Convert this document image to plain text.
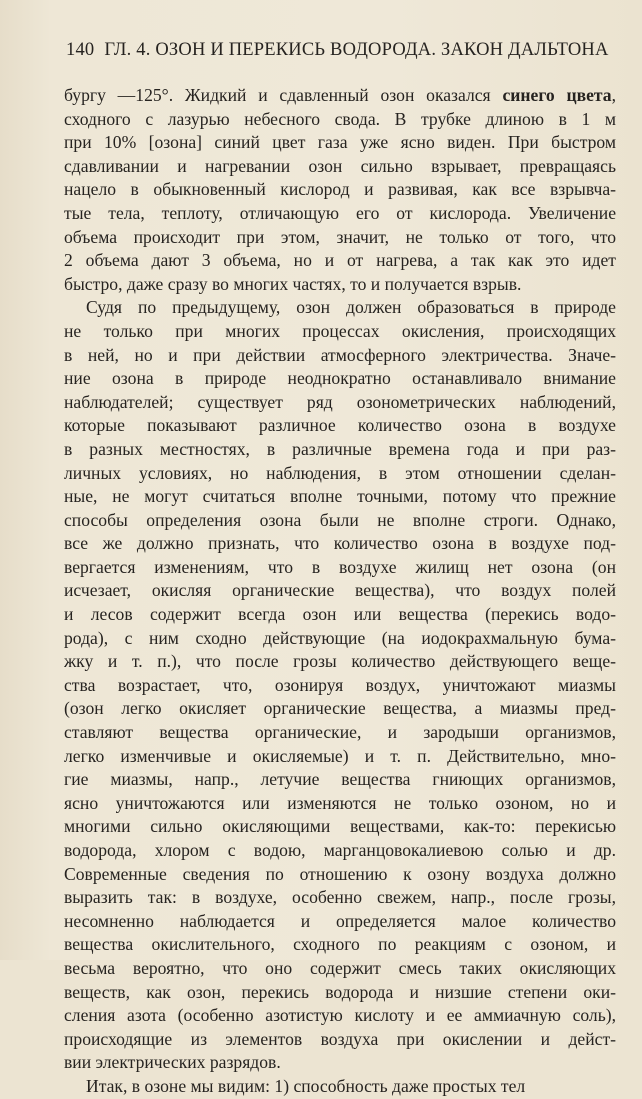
140 ГЛ. 4. ОЗОН И ПЕРЕКИСЬ ВОДОРОДА. ЗАКОН ДАЛЬТОНА
бургу —125°. Жидкий и сдавленный озон оказался синего цвета,
сходного с лазурью небесного свода. В трубке длиною в 1 м
при 10% [озона] синий цвет газа уже ясно виден. При быстром
сдавливании и нагревании озон сильно взрывает, превращаясь
нацело в обыкновенный кислород и развивая, как все взрывча-
тые тела, теплоту, отличающую его от кислорода. Увеличение
объема происходит при этом, значит, не только от того, что
2 объема дают 3 объема, но и от нагрева, а так как это идет
быстро, даже сразу во многих частях, то и получается взрыв.
Судя по предыдущему, озон должен образоваться в природе
не только при многих процессах окисления, происходящих
в ней, но и при действии атмосферного электричества. Значе-
ние озона в природе неоднократно останавливало внимание
наблюдателей; существует ряд озонометрических наблюдений,
которые показывают различное количество озона в воздухе
в разных местностях, в различные времена года и при раз-
личных условиях, но наблюдения, в этом отношении сделан-
ные, не могут считаться вполне точными, потому что прежние
способы определения озона были не вполне строги. Однако,
все же должно признать, что количество озона в воздухе под-
вергается изменениям, что в воздухе жилищ нет озона (он
исчезает, окисляя органические вещества), что воздух полей
и лесов содержит всегда озон или вещества (перекись водо-
рода), с ним сходно действующие (на иодокрахмальную бума-
жку и т. п.), что после грозы количество действующего веще-
ства возрастает, что, озонируя воздух, уничтожают миазмы
(озон легко окисляет органические вещества, а миазмы пред-
ставляют вещества органические, и зародыши организмов,
легко изменчивые и окисляемые) и т. п. Действительно, мно-
гие миазмы, напр., летучие вещества гниющих организмов,
ясно уничтожаются или изменяются не только озоном, но и
многими сильно окисляющими веществами, как-то: перекисью
водорода, хлором с водою, марганцовокалиевою солью и др.
Современные сведения по отношению к озону воздуха должно
выразить так: в воздухе, особенно свежем, напр., после грозы,
несомненно наблюдается и определяется малое количество
вещества окислительного, сходного по реакциям с озоном, и
весьма вероятно, что оно содержит смесь таких окисляющих
веществ, как озон, перекись водорода и низшие степени оки-
сления азота (особенно азотистую кислоту и ее аммиачную соль),
происходящие из элементов воздуха при окислении и дейст-
вии электрических разрядов.
Итак, в озоне мы видим: 1) способность даже простых тел
